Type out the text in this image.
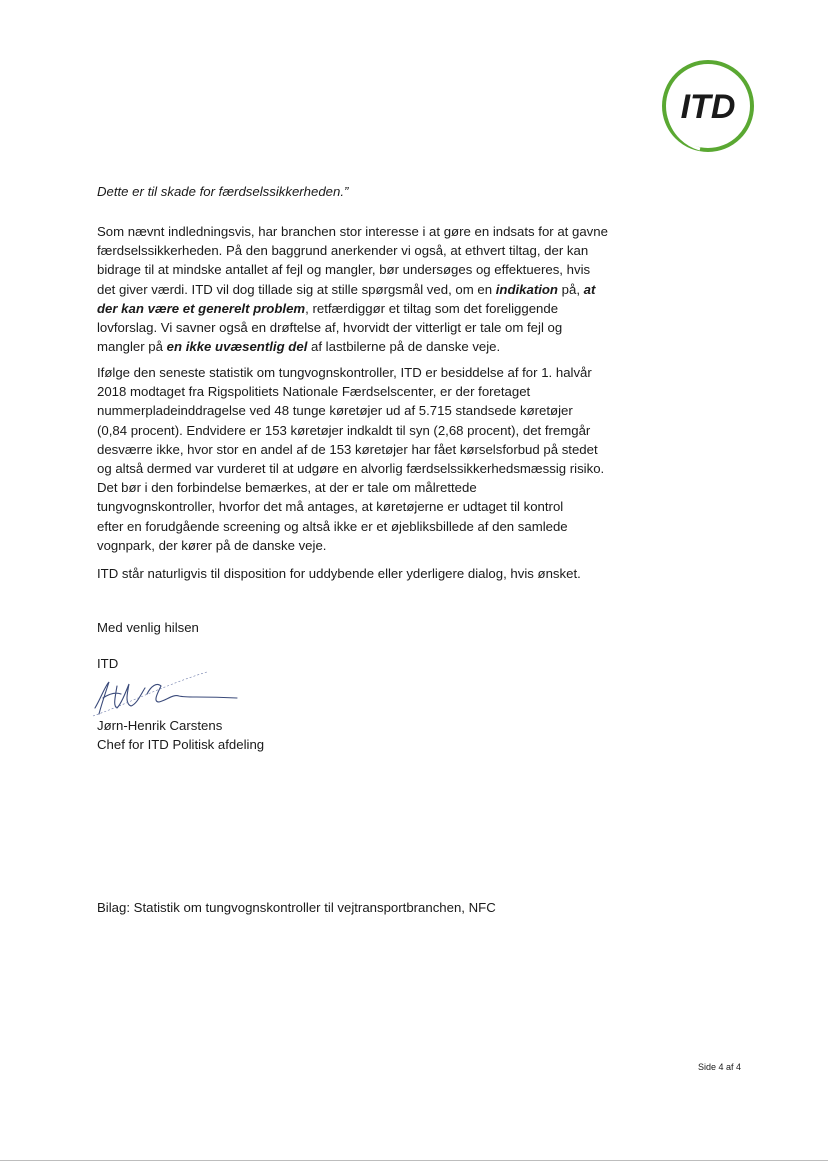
ITD
Dette er til skade for færdselssikkerheden.”
Som nævnt indledningsvis, har branchen stor interesse i at gøre en indsats for at gavne
færdselssikkerheden. På den baggrund anerkender vi også, at ethvert tiltag, der kan
bidrage til at mindske antallet af fejl og mangler, bør undersøges og effektueres, hvis
det giver værdi. ITD vil dog tillade sig at stille spørgsmål ved, om en indikation på, at
der kan være et generelt problem, retfærdiggør et tiltag som det foreliggende
lovforslag. Vi savner også en drøftelse af, hvorvidt der vitterligt er tale om fejl og
mangler på en ikke uvæsentlig del af lastbilerne på de danske veje.
Ifølge den seneste statistik om tungvognskontroller, ITD er besiddelse af for 1. halvår
2018 modtaget fra Rigspolitiets Nationale Færdselscenter, er der foretaget
nummerpladeinddragelse ved 48 tunge køretøjer ud af 5.715 standsede køretøjer
(0,84 procent). Endvidere er 153 køretøjer indkaldt til syn (2,68 procent), det fremgår
desværre ikke, hvor stor en andel af de 153 køretøjer har fået kørselsforbud på stedet
og altså dermed var vurderet til at udgøre en alvorlig færdselssikkerhedsmæssig risiko.
Det bør i den forbindelse bemærkes, at der er tale om målrettede
tungvognskontroller, hvorfor det må antages, at køretøjerne er udtaget til kontrol
efter en forudgående screening og altså ikke er et øjebliksbillede af den samlede
vognpark, der kører på de danske veje.
ITD står naturligvis til disposition for uddybende eller yderligere dialog, hvis ønsket.
Med venlig hilsen
ITD
Jørn-Henrik Carstens
Chef for ITD Politisk afdeling
Bilag: Statistik om tungvognskontroller til vejtransportbranchen, NFC
Side 4 af 4
